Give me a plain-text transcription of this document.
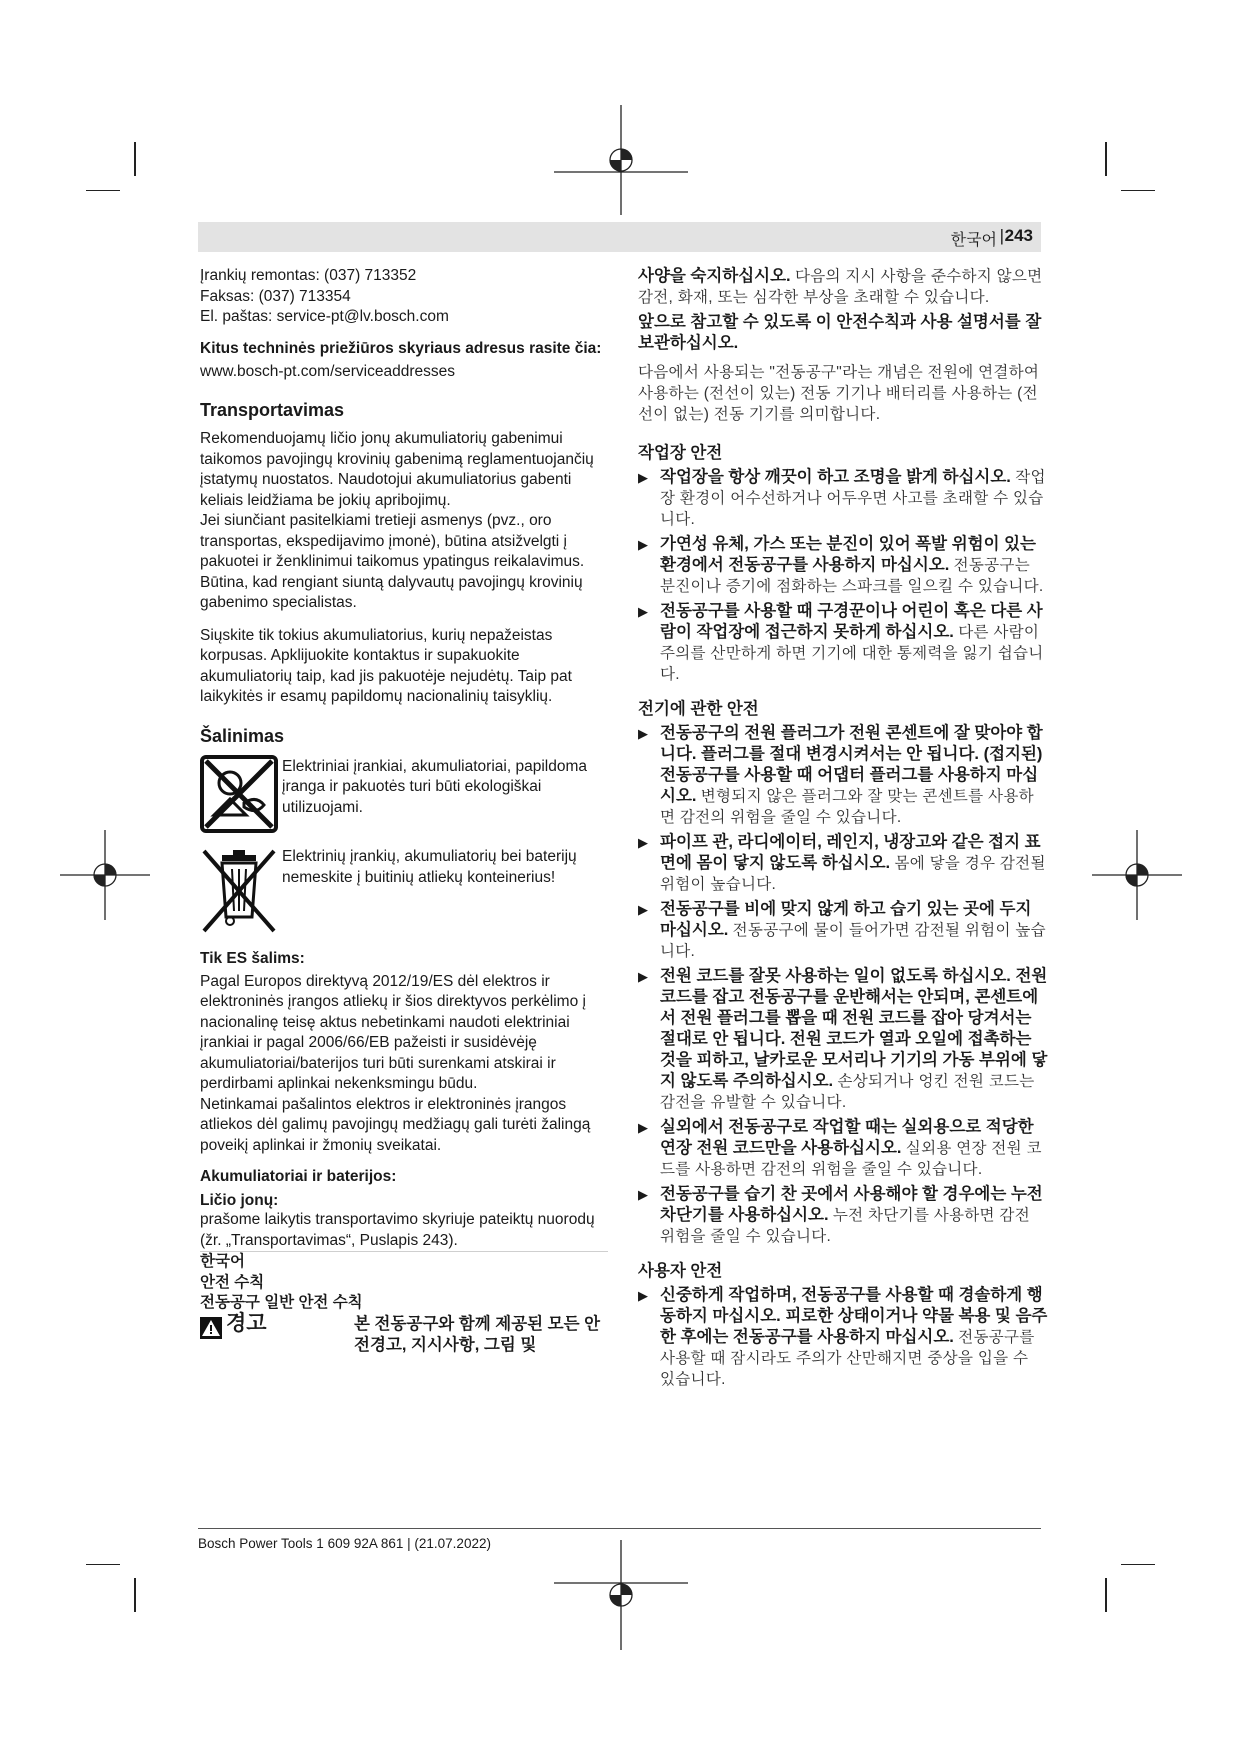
한국어 | 243
Įrankių remontas: (037) 713352
Faksas: (037) 713354
El. paštas: service-pt@lv.bosch.com
Kitus techninės priežiūros skyriaus adresus rasite čia:
www.bosch-pt.com/serviceaddresses
Transportavimas

Rekomenduojamų ličio jonų akumuliatorių gabenimui taikomos pavojingų krovinių gabenimą reglamentuojančių įstatymų nuostatos. Naudotojui akumuliatorius gabenti keliais leidžiama be jokių apribojimų.

Jei siunčiant pasitelkiami tretieji asmenys (pvz., oro transportas, ekspedijavimo įmonė), būtina atsižvelgti į pakuotei ir ženklinimui taikomus ypatingus reikalavimus. Būtina, kad rengiant siuntą dalyvautų pavojingų krovinių gabenimo specialistas.

Siųskite tik tokius akumuliatorius, kurių nepažeistas korpusas. Apklijuokite kontaktus ir supakuokite akumuliatorių taip, kad jis pakuotėje nejudėtų. Taip pat laikykitės ir esamų papildomų nacionalinių taisyklių.

Šalinimas
Elektriniai įrankiai, akumuliatoriai, papildoma įranga ir pakuotės turi būti ekologiškai utilizuojami.
Elektrinių įrankių, akumuliatorių bei baterijų nemeskite į buitinių atliekų konteinerius!
Tik ES šalims:

Pagal Europos direktyvą 2012/19/ES dėl elektros ir elektroninės įrangos atliekų ir šios direktyvos perkėlimo į nacionalinę teisę aktus nebetinkami naudoti elektriniai įrankiai ir pagal 2006/66/EB pažeisti ir susidėvėję akumuliatoriai/baterijos turi būti surenkami atskirai ir perdirbami aplinkai nekenksmingu būdu.

Netinkamai pašalintos elektros ir elektroninės įrangos atliekos dėl galimų pavojingų medžiagų gali turėti žalingą poveikį aplinkai ir žmonių sveikatai.

Akumuliatoriai ir baterijos:
Ličio jonų:

prašome laikytis transportavimo skyriuje pateiktų nuorodų (žr. „Transportavimas“, Puslapis 243).

한국어
안전 수칙
전동공구 일반 안전 수칙
경고	본 전동공구와 함께 제공된 모든 안전경고, 지시사항, 그림 및

사양을 숙지하십시오. 다음의 지시 사항을 준수하지 않으면 감전, 화재, 또는 심각한 부상을 초래할 수 있습니다.

앞으로 참고할 수 있도록 이 안전수칙과 사용 설명서를 잘 보관하십시오.

다음에서 사용되는 "전동공구"라는 개념은 전원에 연결하여 사용하는 (전선이 있는) 전동 기기나 배터리를 사용하는 (전선이 없는) 전동 기기를 의미합니다.

작업장 안전
▶ 작업장을 항상 깨끗이 하고 조명을 밝게 하십시오. 작업장 환경이 어수선하거나 어두우면 사고를 초래할 수 있습니다.
▶ 가연성 유체, 가스 또는 분진이 있어 폭발 위험이 있는 환경에서 전동공구를 사용하지 마십시오. 전동공구는 분진이나 증기에 점화하는 스파크를 일으킬 수 있습니다.
▶ 전동공구를 사용할 때 구경꾼이나 어린이 혹은 다른 사람이 작업장에 접근하지 못하게 하십시오. 다른 사람이 주의를 산만하게 하면 기기에 대한 통제력을 잃기 쉽습니다.
전기에 관한 안전
▶ 전동공구의 전원 플러그가 전원 콘센트에 잘 맞아야 합니다. 플러그를 절대 변경시켜서는 안 됩니다. (접지된) 전동공구를 사용할 때 어댑터 플러그를 사용하지 마십시오. 변형되지 않은 플러그와 잘 맞는 콘센트를 사용하면 감전의 위험을 줄일 수 있습니다.
▶ 파이프 관, 라디에이터, 레인지, 냉장고와 같은 접지 표면에 몸이 닿지 않도록 하십시오. 몸에 닿을 경우 감전될 위험이 높습니다.
▶ 전동공구를 비에 맞지 않게 하고 습기 있는 곳에 두지 마십시오. 전동공구에 물이 들어가면 감전될 위험이 높습니다.
▶ 전원 코드를 잘못 사용하는 일이 없도록 하십시오. 전원 코드를 잡고 전동공구를 운반해서는 안되며, 콘센트에서 전원 플러그를 뽑을 때 전원 코드를 잡아 당겨서는 절대로 안 됩니다. 전원 코드가 열과 오일에 접촉하는 것을 피하고, 날카로운 모서리나 기기의 가동 부위에 닿지 않도록 주의하십시오. 손상되거나 엉킨 전원 코드는 감전을 유발할 수 있습니다.
▶ 실외에서 전동공구로 작업할 때는 실외용으로 적당한 연장 전원 코드만을 사용하십시오. 실외용 연장 전원 코드를 사용하면 감전의 위험을 줄일 수 있습니다.
▶ 전동공구를 습기 찬 곳에서 사용해야 할 경우에는 누전 차단기를 사용하십시오. 누전 차단기를 사용하면 감전 위험을 줄일 수 있습니다.
사용자 안전
▶ 신중하게 작업하며, 전동공구를 사용할 때 경솔하게 행동하지 마십시오. 피로한 상태이거나 약물 복용 및 음주한 후에는 전동공구를 사용하지 마십시오. 전동공구를 사용할 때 잠시라도 주의가 산만해지면 중상을 입을 수 있습니다.
Bosch Power Tools 1 609 92A 861 | (21.07.2022)
